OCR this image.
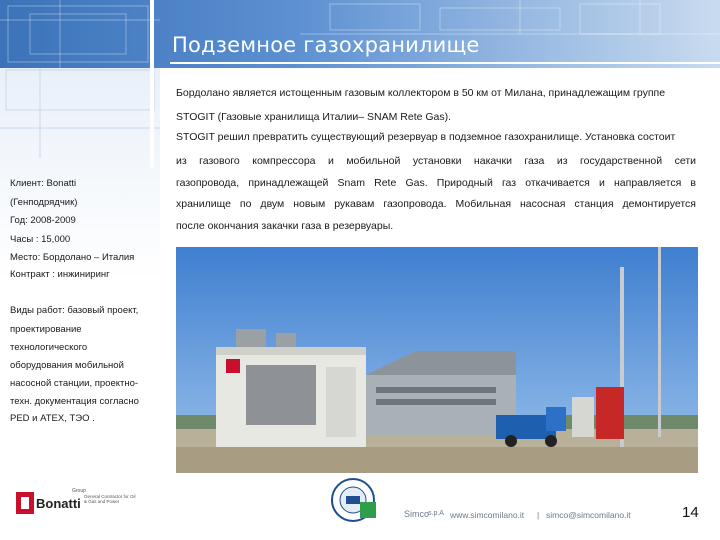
Подземное газохранилище
Бордолано является истощенным газовым коллектором в 50 км от Милана, принадлежащим группе
STOGIT (Газовые хранилища Италии– SNAM Rete Gas).
STOGIT решил превратить существующий резервуар в подземное газохранилище. Установка состоит
из газового компрессора и мобильной установки накачки газа из государственной сети
газопровода, принадлежащей Snam Rete Gas. Природный газ откачивается и направляется в
хранилище по двум новым рукавам газопровода. Мобильная насосная станция демонтируется
после окончания закачки газа в резервуары.
Клиент: Bonatti
(Генподрядчик)
Год: 2008-2009
Часы : 15,000
Место: Бордолано – Италия
Контракт : инжиниринг
Виды работ: базовый проект,
проектирование
технологического
оборудования мобильной
насосной станции, проектно-
техн. документация согласно
PED и ATEX, ТЭО .
Group
Bonatti General Contractor for Oil & Gas and Power
Simco
s.p.A www.simcomilano.it | simco@simcomilano.it	14
